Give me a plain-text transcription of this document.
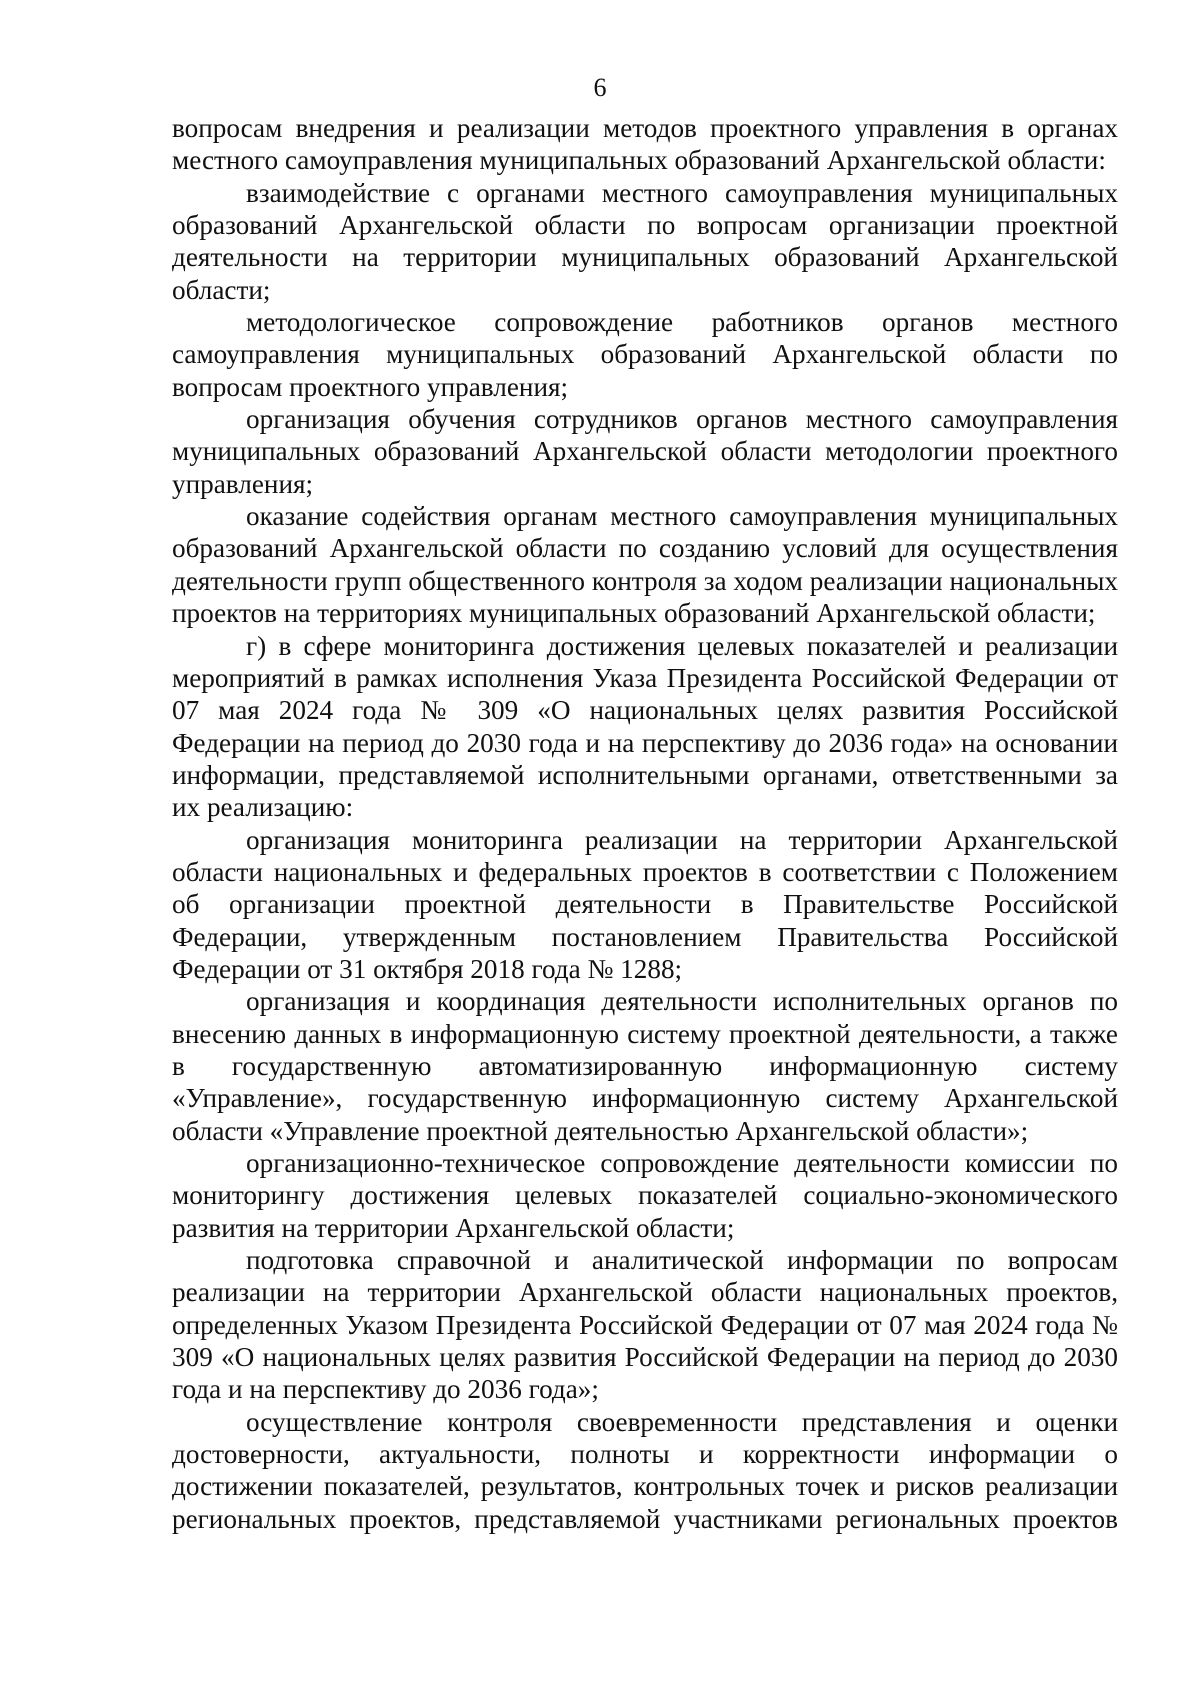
6

вопросам внедрения и реализации методов проектного управления в органах местного самоуправления муниципальных образований Архангельской области:

взаимодействие с органами местного самоуправления муниципальных образований Архангельской области по вопросам организации проектной деятельности на территории муниципальных образований Архангельской области;

методологическое сопровождение работников органов местного самоуправления муниципальных образований Архангельской области по вопросам проектного управления;

организация обучения сотрудников органов местного самоуправления муниципальных образований Архангельской области методологии проектного управления;

оказание содействия органам местного самоуправления муниципальных образований Архангельской области по созданию условий для осуществления деятельности групп общественного контроля за ходом реализации национальных проектов на территориях муниципальных образований Архангельской области;

г) в сфере мониторинга достижения целевых показателей и реализации мероприятий в рамках исполнения Указа Президента Российской Федерации от 07 мая 2024 года № 309 «О национальных целях развития Российской Федерации на период до 2030 года и на перспективу до 2036 года» на основании информации, представляемой исполнительными органами, ответственными за их реализацию:

организация мониторинга реализации на территории Архангельской области национальных и федеральных проектов в соответствии с Положением об организации проектной деятельности в Правительстве Российской Федерации, утвержденным постановлением Правительства Российской Федерации от 31 октября 2018 года № 1288;

организация и координация деятельности исполнительных органов по внесению данных в информационную систему проектной деятельности, а также в государственную автоматизированную информационную систему «Управление», государственную информационную систему Архангельской области «Управление проектной деятельностью Архангельской области»;

организационно-техническое сопровождение деятельности комиссии по мониторингу достижения целевых показателей социально-экономического развития на территории Архангельской области;

подготовка справочной и аналитической информации по вопросам реализации на территории Архангельской области национальных проектов, определенных Указом Президента Российской Федерации от 07 мая 2024 года № 309 «О национальных целях развития Российской Федерации на период до 2030 года и на перспективу до 2036 года»;

осуществление контроля своевременности представления и оценки достоверности, актуальности, полноты и корректности информации о достижении показателей, результатов, контрольных точек и рисков реализации региональных проектов, представляемой участниками региональных проектов
